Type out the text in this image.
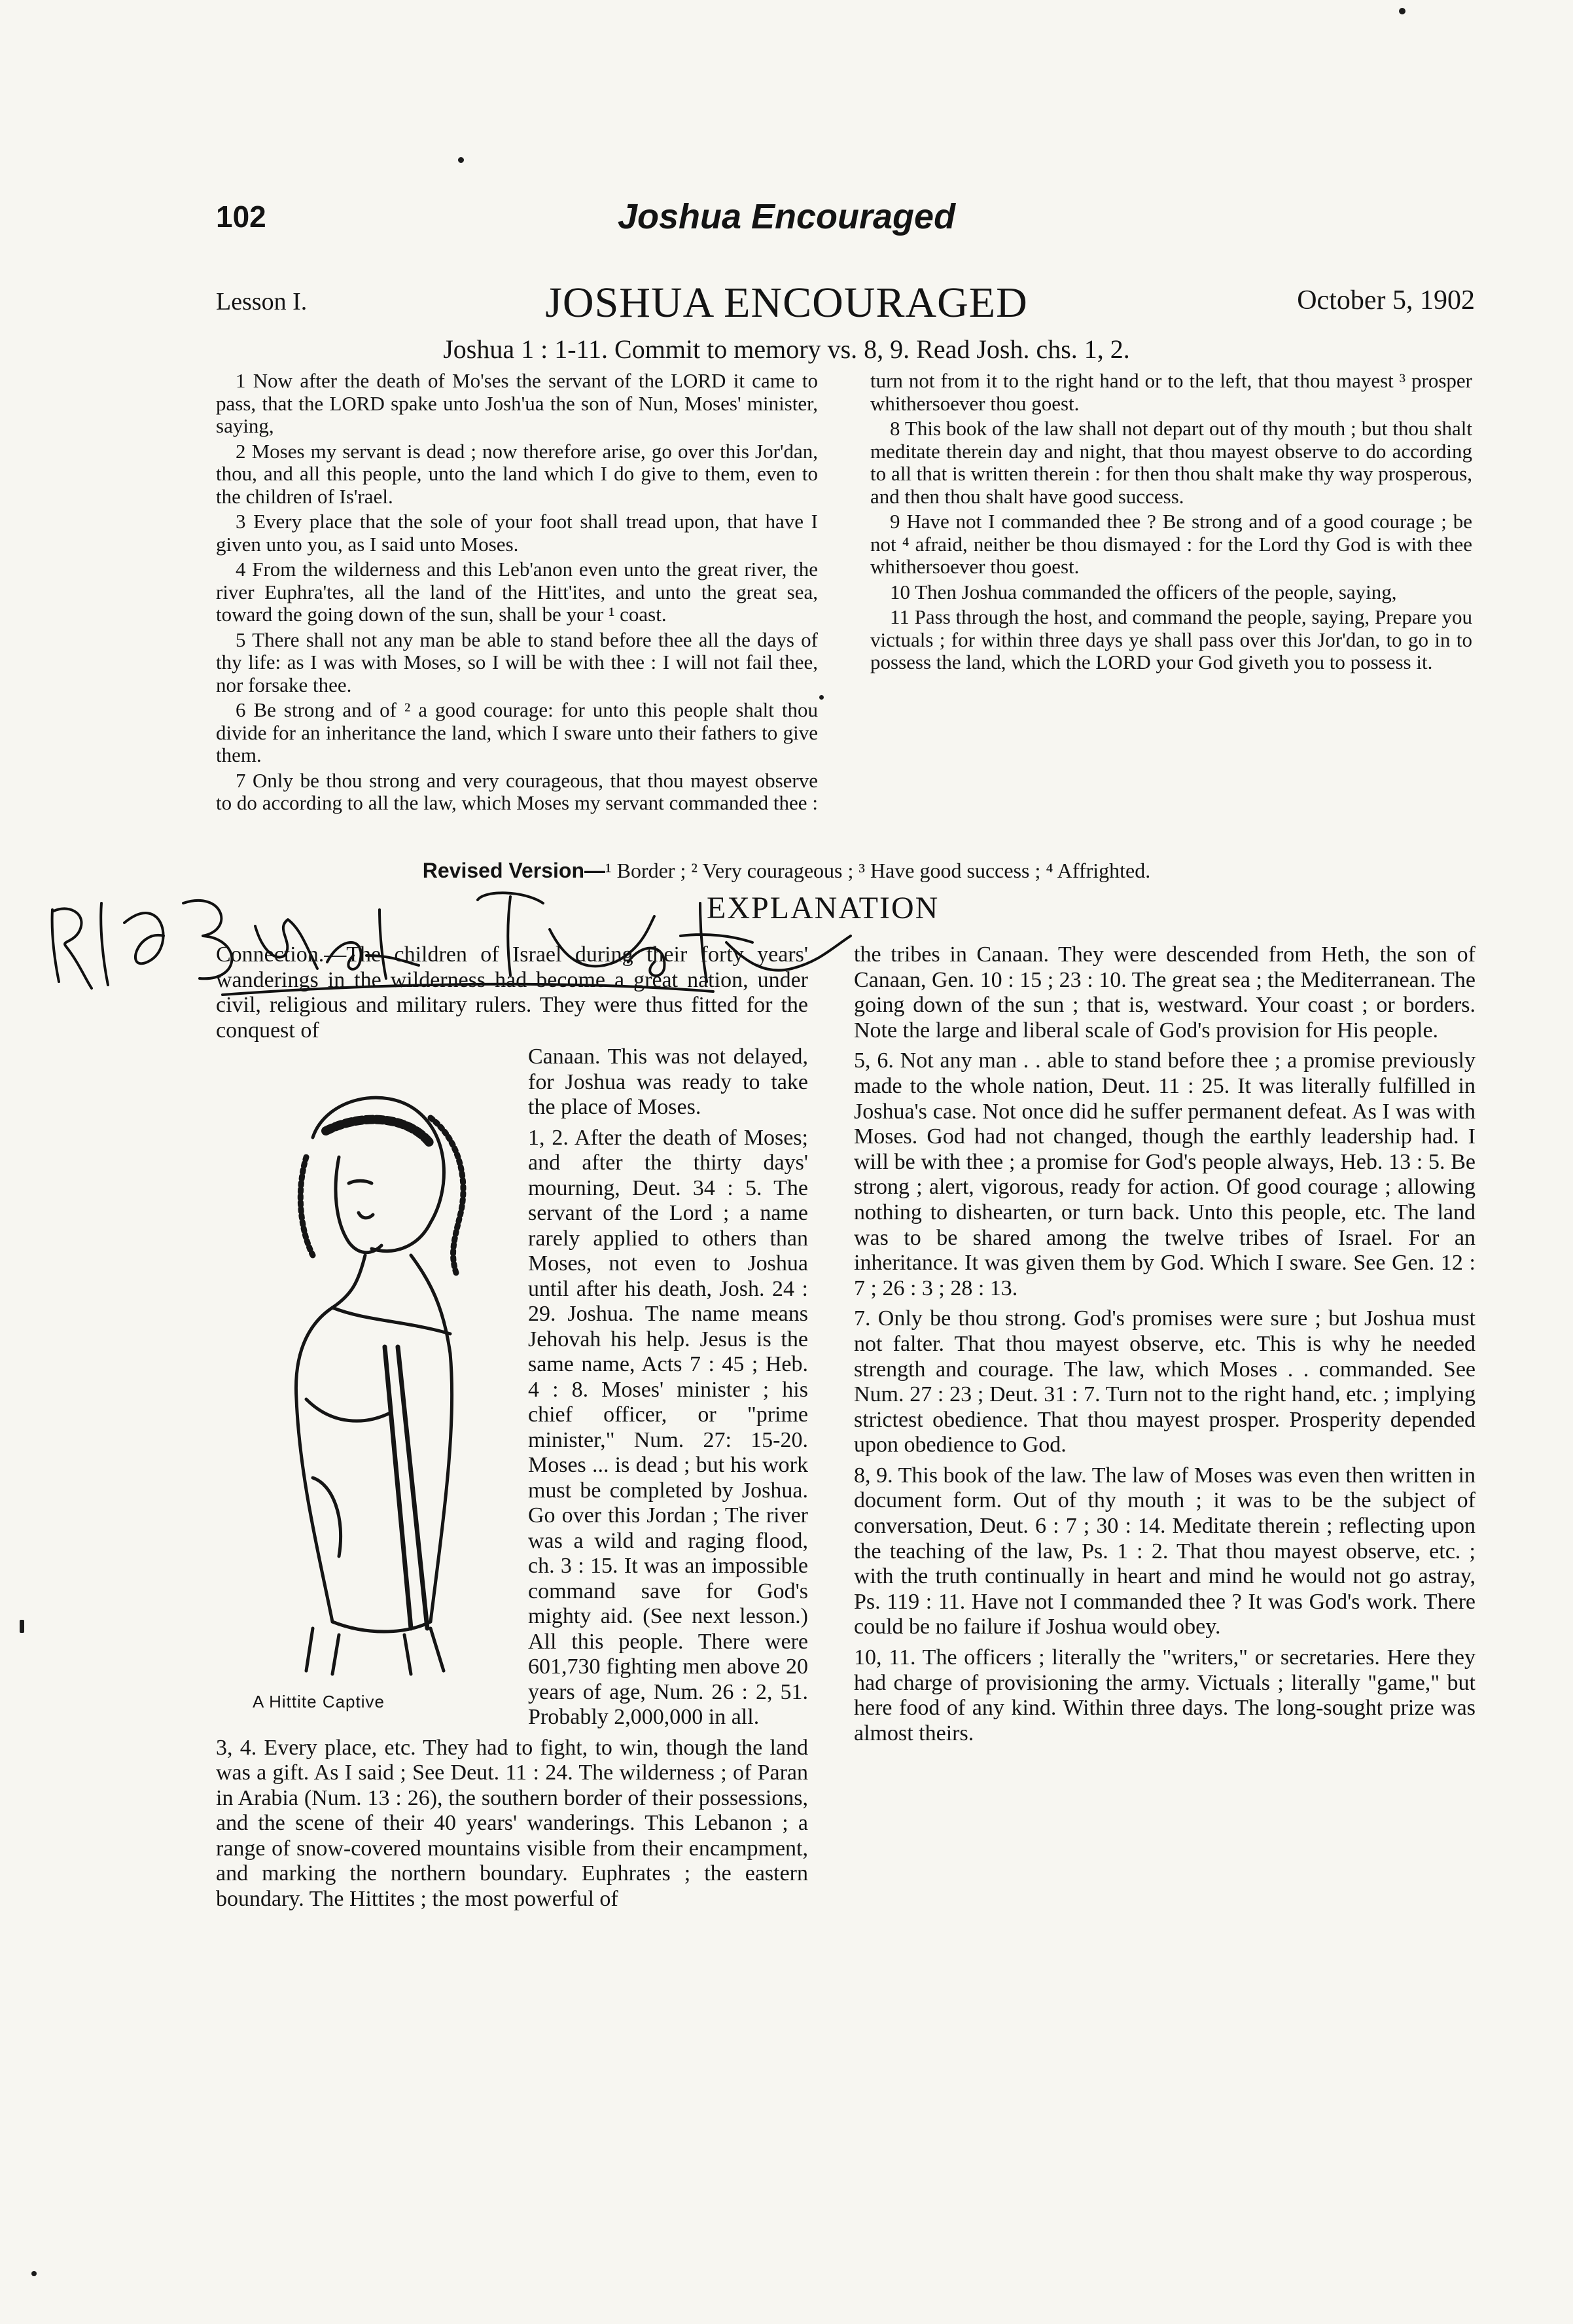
102	Joshua Encouraged
Lesson I.	JOSHUA ENCOURAGED	October 5, 1902
Joshua 1 : 1-11. Commit to memory vs. 8, 9. Read Josh. chs. 1, 2.

1 Now after the death of Mo'ses the servant of the LORD it came to pass, that the LORD spake unto Josh'ua the son of Nun, Moses' minister, saying,

2 Moses my servant is dead ; now therefore arise, go over this Jor'dan, thou, and all this people, unto the land which I do give to them, even to the children of Is'rael.

3 Every place that the sole of your foot shall tread upon, that have I given unto you, as I said unto Moses.

4 From the wilderness and this Leb'anon even unto the great river, the river Euphra'tes, all the land of the Hitt'ites, and unto the great sea, toward the going down of the sun, shall be your ¹ coast.

5 There shall not any man be able to stand before thee all the days of thy life: as I was with Moses, so I will be with thee : I will not fail thee, nor forsake thee.

6 Be strong and of ² a good courage: for unto this people shalt thou divide for an inheritance the land, which I sware unto their fathers to give them.

7 Only be thou strong and very courageous, that thou mayest observe to do according to all the law, which Moses my servant commanded thee : turn not from it to the right hand or to the left, that thou mayest ³ prosper whithersoever thou goest.

8 This book of the law shall not depart out of thy mouth ; but thou shalt meditate therein day and night, that thou mayest observe to do according to all that is written therein : for then thou shalt make thy way prosperous, and then thou shalt have good success.

9 Have not I commanded thee ? Be strong and of a good courage ; be not ⁴ afraid, neither be thou dismayed : for the Lord thy God is with thee whithersoever thou goest.

10 Then Joshua commanded the officers of the people, saying,

11 Pass through the host, and command the people, saying, Prepare you victuals ; for within three days ye shall pass over this Jor'dan, to go in to possess the land, which the LORD your God giveth you to possess it.

Revised Version—¹ Border ; ² Very courageous ; ³ Have good success ; ⁴ Affrighted.
EXPLANATION
Connection.—The children of Israel during their forty years' wanderings in the wilderness had become a great nation, under civil, religious and military rulers. They were thus fitted for the conquest of
A Hittite Captive

Canaan. This was not delayed, for Joshua was ready to take the place of Moses.

1, 2. After the death of Moses; and after the thirty days' mourning, Deut. 34 : 5. The servant of the Lord ; a name rarely applied to others than Moses, not even to Joshua until after his death, Josh. 24 : 29. Joshua. The name means Jehovah his help. Jesus is the same name, Acts 7 : 45 ; Heb. 4 : 8. Moses' minister ; his chief officer, or "prime minister," Num. 27: 15-20. Moses ... is dead ; but his work must be completed by Joshua. Go over this Jordan ; The river was a wild and raging flood, ch. 3 : 15. It was an impossible command save for God's mighty aid. (See next lesson.) All this people. There were 601,730 fighting men above 20 years of age, Num. 26 : 2, 51. Probably 2,000,000 in all.

3, 4. Every place, etc. They had to fight, to win, though the land was a gift. As I said ; See Deut. 11 : 24. The wilderness ; of Paran in Arabia (Num. 13 : 26), the southern border of their possessions, and the scene of their 40 years' wanderings. This Lebanon ; a range of snow-covered mountains visible from their encampment, and marking the northern boundary. Euphrates ; the eastern boundary. The Hittites ; the most powerful of

the tribes in Canaan. They were descended from Heth, the son of Canaan, Gen. 10 : 15 ; 23 : 10. The great sea ; the Mediterranean. The going down of the sun ; that is, westward. Your coast ; or borders. Note the large and liberal scale of God's provision for His people.

5, 6. Not any man . . able to stand before thee ; a promise previously made to the whole nation, Deut. 11 : 25. It was literally fulfilled in Joshua's case. Not once did he suffer permanent defeat. As I was with Moses. God had not changed, though the earthly leadership had. I will be with thee ; a promise for God's people always, Heb. 13 : 5. Be strong ; alert, vigorous, ready for action. Of good courage ; allowing nothing to dishearten, or turn back. Unto this people, etc. The land was to be shared among the twelve tribes of Israel. For an inheritance. It was given them by God. Which I sware. See Gen. 12 : 7 ; 26 : 3 ; 28 : 13.

7. Only be thou strong. God's promises were sure ; but Joshua must not falter. That thou mayest observe, etc. This is why he needed strength and courage. The law, which Moses . . commanded. See Num. 27 : 23 ; Deut. 31 : 7. Turn not to the right hand, etc. ; implying strictest obedience. That thou mayest prosper. Prosperity depended upon obedience to God.

8, 9. This book of the law. The law of Moses was even then written in document form. Out of thy mouth ; it was to be the subject of conversation, Deut. 6 : 7 ; 30 : 14. Meditate therein ; reflecting upon the teaching of the law, Ps. 1 : 2. That thou mayest observe, etc. ; with the truth continually in heart and mind he would not go astray, Ps. 119 : 11. Have not I commanded thee ? It was God's work. There could be no failure if Joshua would obey.

10, 11. The officers ; literally the "writers," or secretaries. Here they had charge of provisioning the army. Victuals ; literally "game," but here food of any kind. Within three days. The long-sought prize was almost theirs.
